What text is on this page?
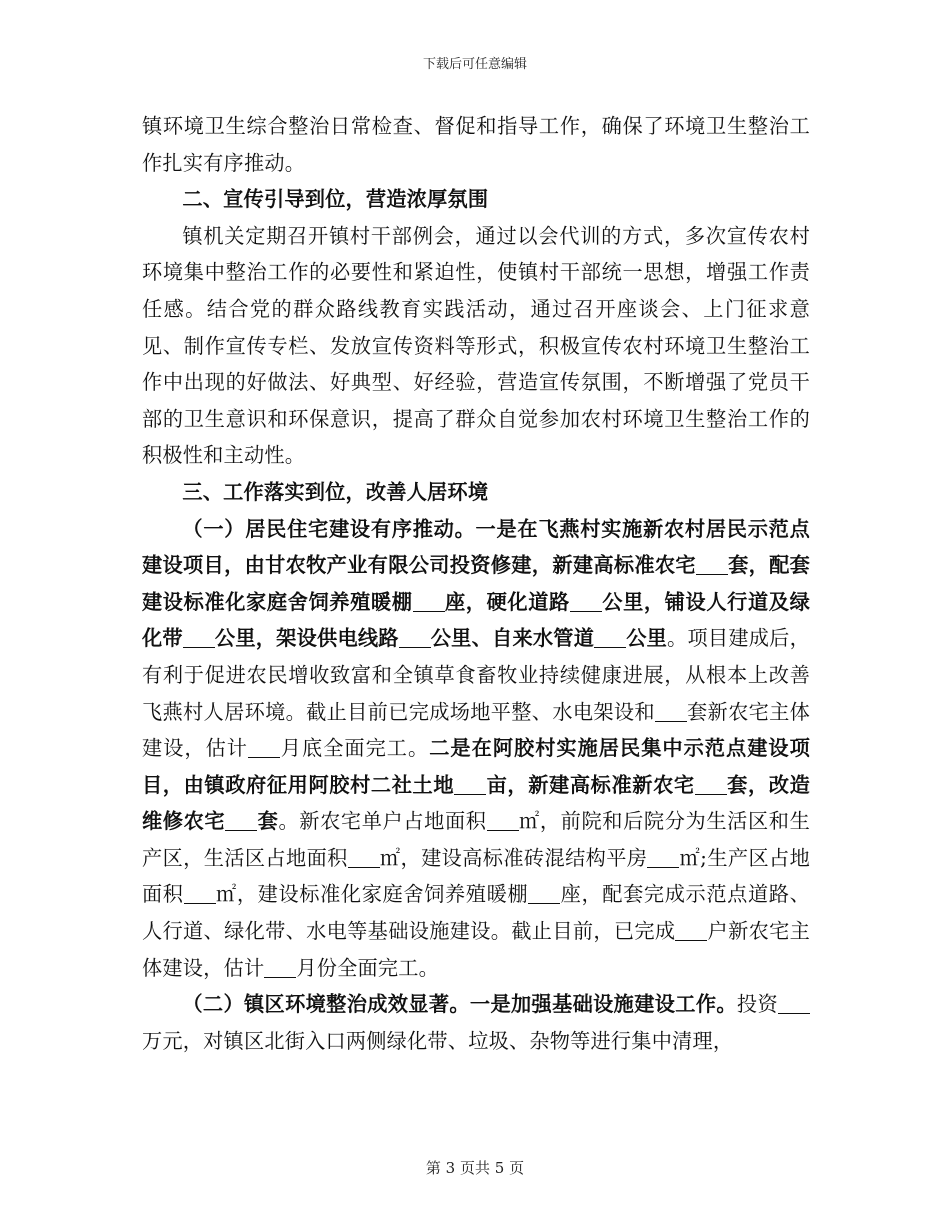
下载后可任意编辑

镇环境卫生综合整治日常检查、督促和指导工作，确保了环境卫生整治工作扎实有序推动。

二、宣传引导到位，营造浓厚氛围

镇机关定期召开镇村干部例会，通过以会代训的方式，多次宣传农村环境集中整治工作的必要性和紧迫性，使镇村干部统一思想，增强工作责任感。结合党的群众路线教育实践活动，通过召开座谈会、上门征求意见、制作宣传专栏、发放宣传资料等形式，积极宣传农村环境卫生整治工作中出现的好做法、好典型、好经验，营造宣传氛围，不断增强了党员干部的卫生意识和环保意识，提高了群众自觉参加农村环境卫生整治工作的积极性和主动性。

三、工作落实到位，改善人居环境

（一）居民住宅建设有序推动。一是在飞燕村实施新农村居民示范点建设项目，由甘农牧产业有限公司投资修建，新建高标准农宅 套，配套建设标准化家庭舍饲养殖暖棚 座，硬化道路 公里，铺设人行道及绿化带 公里，架设供电线路 公里、自来水管道 公里。项目建成后，有利于促进农民增收致富和全镇草食畜牧业持续健康进展，从根本上改善飞燕村人居环境。截止目前已完成场地平整、水电架设和 套新农宅主体建设，估计 月底全面完工。二是在阿胶村实施居民集中示范点建设项目，由镇政府征用阿胶村二社土地 亩，新建高标准新农宅 套，改造维修农宅 套。新农宅单户占地面积 ㎡，前院和后院分为生活区和生产区，生活区占地面积 ㎡，建设高标准砖混结构平房 ㎡;生产区占地面积 ㎡，建设标准化家庭舍饲养殖暖棚 座，配套完成示范点道路、人行道、绿化带、水电等基础设施建设。截止目前，已完成 户新农宅主体建设，估计 月份全面完工。

（二）镇区环境整治成效显著。一是加强基础设施建设工作。投资万元，对镇区北街入口两侧绿化带、垃圾、杂物等进行集中清理，

第 3 页共 5 页
